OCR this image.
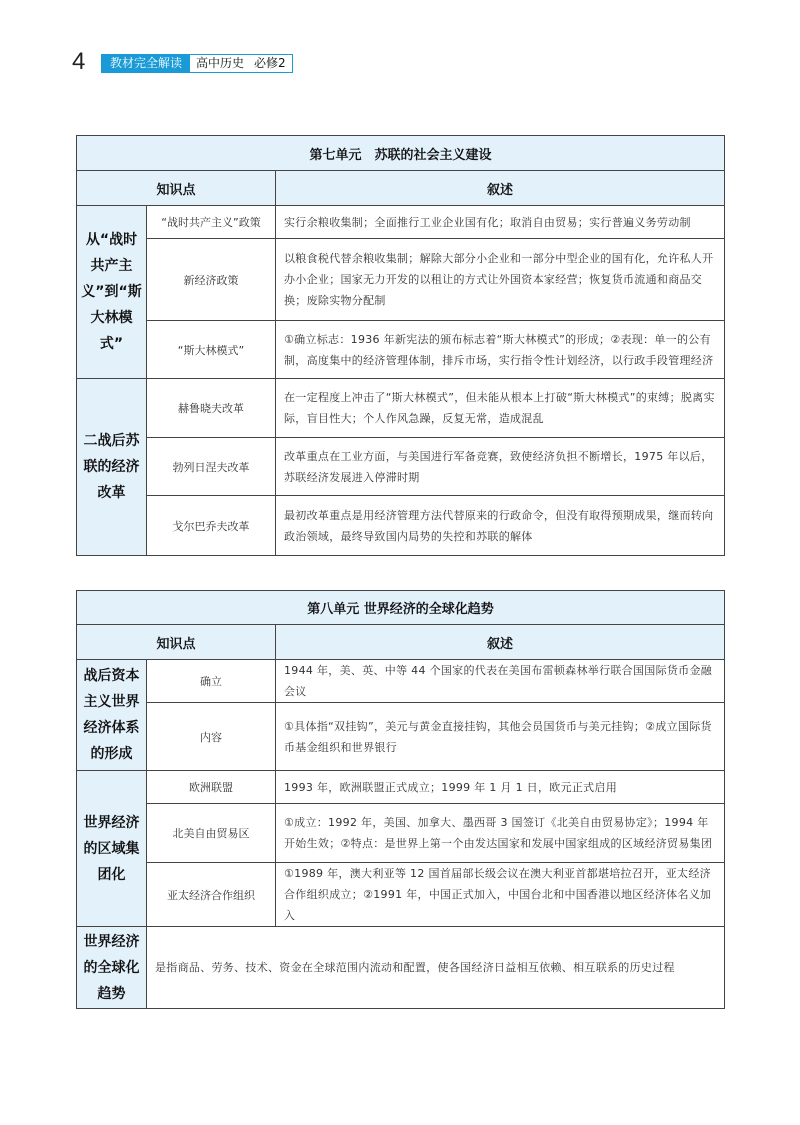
4	教材完全解读	高中历史 必修2
第七单元　苏联的社会主义建设		
知识点		叙述
从“战时共产主义”到“斯大林模式”	“战时共产主义”政策	实行余粮收集制；全面推行工业企业国有化；取消自由贸易；实行普遍义务劳动制
	新经济政策	以粮食税代替余粮收集制；解除大部分小企业和一部分中型企业的国有化，允许私人开办小企业；国家无力开发的以租让的方式让外国资本家经营；恢复货币流通和商品交换；废除实物分配制
	“斯大林模式”	①确立标志：1936 年新宪法的颁布标志着“斯大林模式”的形成；②表现：单一的公有制，高度集中的经济管理体制，排斥市场，实行指令性计划经济，以行政手段管理经济
二战后苏联的经济改革	赫鲁晓夫改革	在一定程度上冲击了“斯大林模式”，但未能从根本上打破“斯大林模式”的束缚；脱离实际，盲目性大；个人作风急躁，反复无常，造成混乱
	勃列日涅夫改革	改革重点在工业方面，与美国进行军备竞赛，致使经济负担不断增长，1975 年以后，苏联经济发展进入停滞时期
	戈尔巴乔夫改革	最初改革重点是用经济管理方法代替原来的行政命令，但没有取得预期成果，继而转向政治领域，最终导致国内局势的失控和苏联的解体
第八单元 世界经济的全球化趋势		
知识点		叙述
战后资本主义世界经济体系的形成	确立	1944 年，美、英、中等 44 个国家的代表在美国布雷顿森林举行联合国国际货币金融会议
	内容	①具体指“双挂钩”，美元与黄金直接挂钩，其他会员国货币与美元挂钩；②成立国际货币基金组织和世界银行
世界经济的区域集团化	欧洲联盟	1993 年，欧洲联盟正式成立；1999 年 1 月 1 日，欧元正式启用
	北美自由贸易区	①成立：1992 年，美国、加拿大、墨西哥 3 国签订《北美自由贸易协定》；1994 年开始生效；②特点：是世界上第一个由发达国家和发展中国家组成的区域经济贸易集团
	亚太经济合作组织	①1989 年，澳大利亚等 12 国首届部长级会议在澳大利亚首都堪培拉召开，亚太经济合作组织成立；②1991 年，中国正式加入，中国台北和中国香港以地区经济体名义加入
世界经济的全球化趋势	是指商品、劳务、技术、资金在全球范围内流动和配置，使各国经济日益相互依赖、相互联系的历史过程	
